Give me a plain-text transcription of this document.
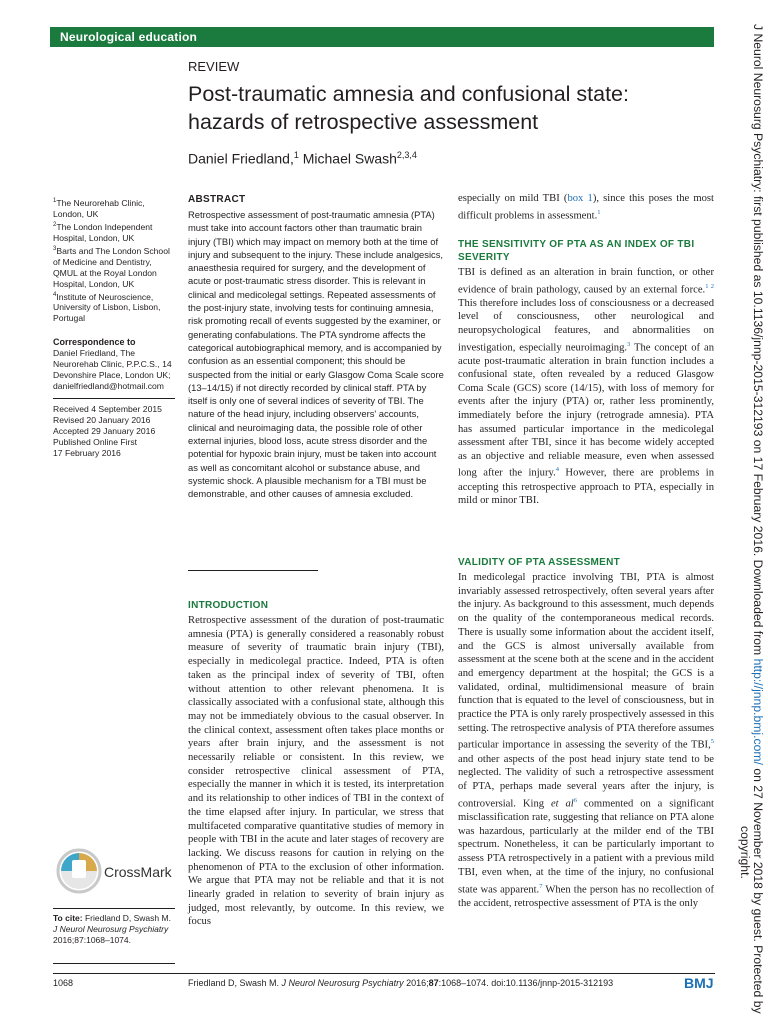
Neurological education
REVIEW
Post-traumatic amnesia and confusional state:
hazards of retrospective assessment
Daniel Friedland,$^1$ Michael Swash$^{2,3,4}$

$^1$The Neurorehab Clinic, London, UK

$^2$The London Independent Hospital, London, UK

$^3$Barts and The London School of Medicine and Dentistry, QMUL at the Royal London Hospital, London, UK

$^4$Institute of Neuroscience, University of Lisbon, Lisbon, Portugal

Correspondence to

Daniel Friedland, The Neurorehab Clinic, P.P.C.S., 14 Devonshire Place, London UK; danielfriedland@hotmail.com

Received 4 September 2015

Revised 20 January 2016

Accepted 29 January 2016

Published Online First

17 February 2016

CrossMark
To cite: Friedland D, Swash M. J Neurol Neurosurg Psychiatry 2016;87:1068–1074.
ABSTRACT

Retrospective assessment of post-traumatic amnesia (PTA) must take into account factors other than traumatic brain injury (TBI) which may impact on memory both at the time of injury and subsequent to the injury. These include analgesics, anaesthesia required for surgery, and the development of acute or post-traumatic stress disorder. This is relevant in clinical and medicolegal settings. Repeated assessments of the post-injury state, involving tests for continuing amnesia, risk promoting recall of events suggested by the examiner, or generating confabulations. The PTA syndrome affects the categorical autobiographical memory, and is accompanied by confusion as an essential component; this should be suspected from the initial or early Glasgow Coma Scale score (13–14/15) if not directly recorded by clinical staff. PTA by itself is only one of several indices of severity of TBI. The nature of the head injury, including observers' accounts, clinical and neuroimaging data, the possible role of other external injuries, blood loss, acute stress disorder and the potential for hypoxic brain injury, must be taken into account as well as concomitant alcohol or substance abuse, and systemic shock. A plausible mechanism for a TBI must be demonstrable, and other causes of amnesia excluded.

INTRODUCTION

Retrospective assessment of the duration of post-traumatic amnesia (PTA) is generally considered a reasonably robust measure of severity of traumatic brain injury (TBI), especially in medicolegal practice. Indeed, PTA is often taken as the principal index of severity of TBI, often without attention to other relevant phenomena. It is classically associated with a confusional state, although this may not be immediately obvious to the casual observer. In the clinical context, assessment often takes place months or years after brain injury, and the assessment is not necessarily reliable or consistent. In this review, we consider retrospective clinical assessment of PTA, especially the manner in which it is tested, its interpretation and its relationship to other indices of TBI in the context of the time elapsed after injury. In particular, we stress that multifaceted comparative quantitative studies of memory in people with TBI in the acute and later stages of recovery are lacking. We discuss reasons for caution in relying on the phenomenon of PTA to the exclusion of other information. We argue that PTA may not be reliable and that it is not linearly graded in relation to severity of brain injury as judged, most relevantly, by outcome. In this review, we focus

especially on mild TBI (box 1), since this poses the most difficult problems in assessment.$^1$

THE SENSITIVITY OF PTA AS AN INDEX OF TBI SEVERITY

TBI is defined as an alteration in brain function, or other evidence of brain pathology, caused by an external force.$^{1 2}$ This therefore includes loss of consciousness or a decreased level of consciousness, other neurological and neuropsychological features, and abnormalities on investigation, especially neuroimaging.$^3$ The concept of an acute post-traumatic alteration in brain function includes a confusional state, often revealed by a reduced Glasgow Coma Scale (GCS) score (14/15), with loss of memory for events after the injury (PTA) or, rather less prominently, immediately before the injury (retrograde amnesia). PTA has assumed particular importance in the medicolegal assessment after TBI, since it has become widely accepted as an objective and reliable measure, even when assessed long after the injury.$^4$ However, there are problems in accepting this retrospective approach to PTA, especially in mild or minor TBI.

VALIDITY OF PTA ASSESSMENT

In medicolegal practice involving TBI, PTA is almost invariably assessed retrospectively, often several years after the injury. As background to this assessment, much depends on the quality of the contemporaneous medical records. There is usually some information about the accident itself, and the GCS is almost universally available from assessment at the scene both at the scene and in the accident and emergency department at the hospital; the GCS is a validated, ordinal, multidimensional measure of brain function that is equated to the level of consciousness, but in practice the PTA is only rarely prospectively assessed in this setting. The retrospective analysis of PTA therefore assumes particular importance in assessing the severity of the TBI,$^5$ and other aspects of the post head injury state tend to be neglected. The validity of such a retrospective assessment of PTA, perhaps made several years after the injury, is controversial. King et al$^6$ commented on a significant misclassification rate, suggesting that reliance on PTA alone was hazardous, particularly at the milder end of the TBI spectrum. Nonetheless, it can be particularly important to assess PTA retrospectively in a patient with a previous mild TBI, even when, at the time of the injury, no confusional state was apparent.$^7$ When the person has no recollection of the accident, retrospective assessment of PTA is the only

1068	Friedland D, Swash M. J Neurol Neurosurg Psychiatry 2016;87:1068–1074. doi:10.1136/jnnp-2015-312193	BMJ
J Neurol Neurosurg Psychiatry: first published as 10.1136/jnnp-2015-312193 on 17 February 2016. Downloaded from http://jnnp.bmj.com/ on 27 November 2018 by guest. Protected by
copyright.
